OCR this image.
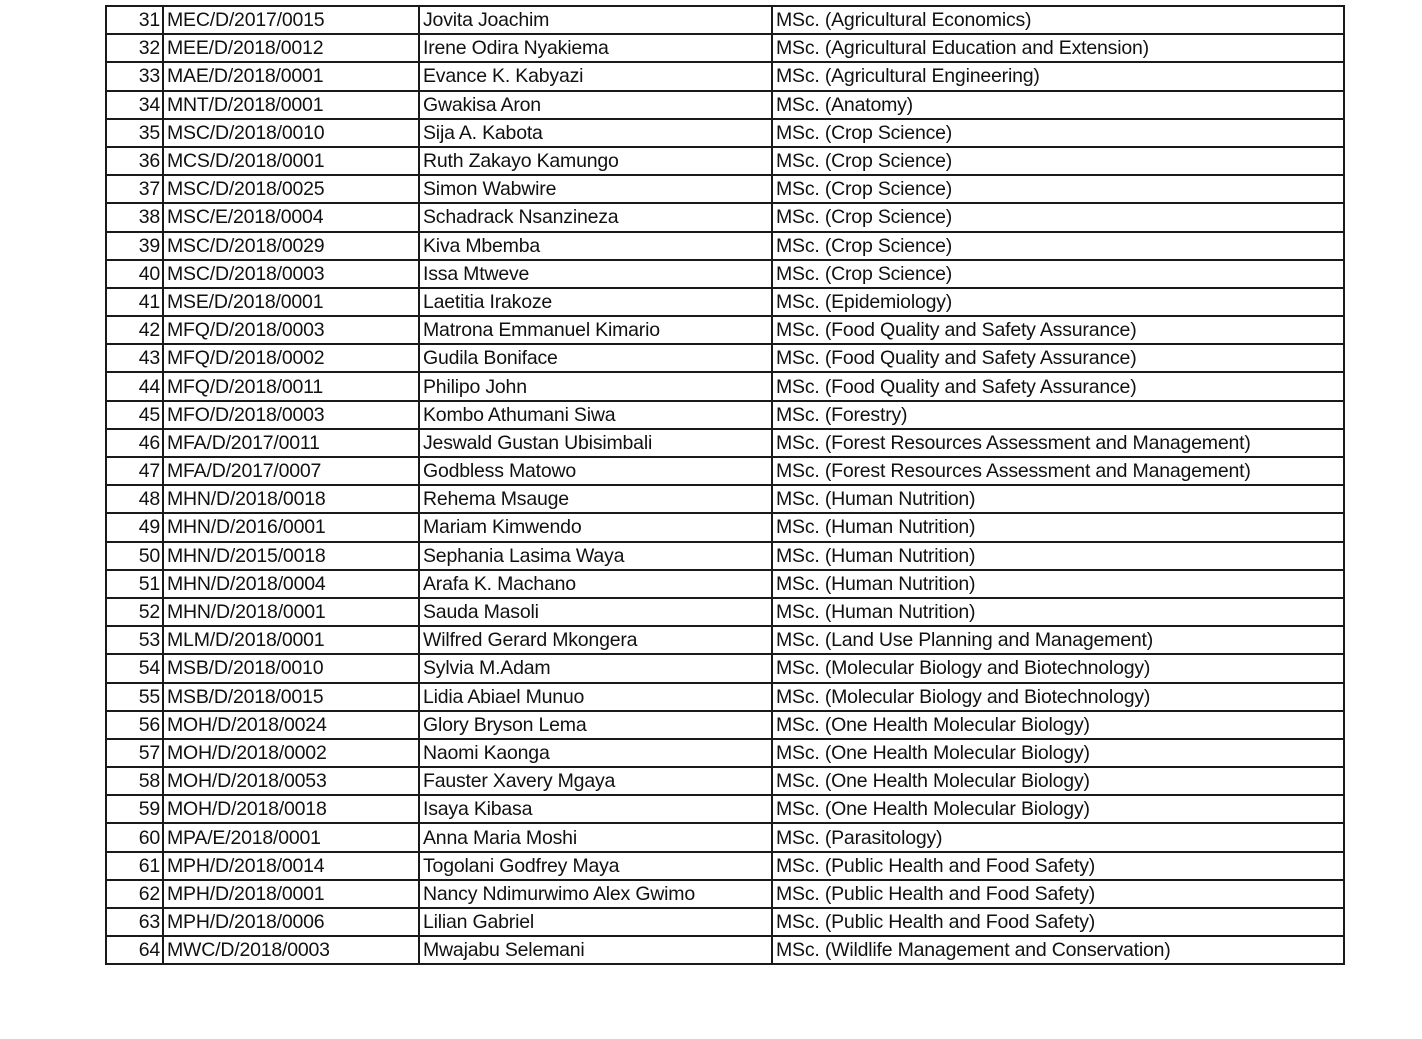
31	MEC/D/2017/0015	Jovita Joachim	MSc. (Agricultural Economics)
32	MEE/D/2018/0012	Irene Odira Nyakiema	MSc. (Agricultural Education and Extension)
33	MAE/D/2018/0001	Evance K. Kabyazi	MSc. (Agricultural Engineering)
34	MNT/D/2018/0001	Gwakisa Aron	MSc. (Anatomy)
35	MSC/D/2018/0010	Sija A. Kabota	MSc. (Crop Science)
36	MCS/D/2018/0001	Ruth Zakayo Kamungo	MSc. (Crop Science)
37	MSC/D/2018/0025	Simon Wabwire	MSc. (Crop Science)
38	MSC/E/2018/0004	Schadrack Nsanzineza	MSc. (Crop Science)
39	MSC/D/2018/0029	Kiva Mbemba	MSc. (Crop Science)
40	MSC/D/2018/0003	Issa Mtweve	MSc. (Crop Science)
41	MSE/D/2018/0001	Laetitia Irakoze	MSc. (Epidemiology)
42	MFQ/D/2018/0003	Matrona Emmanuel Kimario	MSc. (Food Quality and Safety Assurance)
43	MFQ/D/2018/0002	Gudila Boniface	MSc. (Food Quality and Safety Assurance)
44	MFQ/D/2018/0011	Philipo John	MSc. (Food Quality and Safety Assurance)
45	MFO/D/2018/0003	Kombo Athumani Siwa	MSc. (Forestry)
46	MFA/D/2017/0011	Jeswald Gustan Ubisimbali	MSc. (Forest Resources Assessment and Management)
47	MFA/D/2017/0007	Godbless Matowo	MSc. (Forest Resources Assessment and Management)
48	MHN/D/2018/0018	Rehema Msauge	MSc. (Human Nutrition)
49	MHN/D/2016/0001	Mariam Kimwendo	MSc. (Human Nutrition)
50	MHN/D/2015/0018	Sephania Lasima Waya	MSc. (Human Nutrition)
51	MHN/D/2018/0004	Arafa K. Machano	MSc. (Human Nutrition)
52	MHN/D/2018/0001	Sauda Masoli	MSc. (Human Nutrition)
53	MLM/D/2018/0001	Wilfred Gerard Mkongera	MSc. (Land Use Planning and Management)
54	MSB/D/2018/0010	Sylvia M.Adam	MSc. (Molecular Biology and Biotechnology)
55	MSB/D/2018/0015	Lidia Abiael Munuo	MSc. (Molecular Biology and Biotechnology)
56	MOH/D/2018/0024	Glory Bryson Lema	MSc. (One Health Molecular Biology)
57	MOH/D/2018/0002	Naomi Kaonga	MSc. (One Health Molecular Biology)
58	MOH/D/2018/0053	Fauster Xavery Mgaya	MSc. (One Health Molecular Biology)
59	MOH/D/2018/0018	Isaya Kibasa	MSc. (One Health Molecular Biology)
60	MPA/E/2018/0001	Anna Maria Moshi	MSc. (Parasitology)
61	MPH/D/2018/0014	Togolani Godfrey Maya	MSc. (Public Health and Food Safety)
62	MPH/D/2018/0001	Nancy Ndimurwimo Alex Gwimo	MSc. (Public Health and Food Safety)
63	MPH/D/2018/0006	Lilian Gabriel	MSc. (Public Health and Food Safety)
64	MWC/D/2018/0003	Mwajabu Selemani	MSc. (Wildlife Management and Conservation)
